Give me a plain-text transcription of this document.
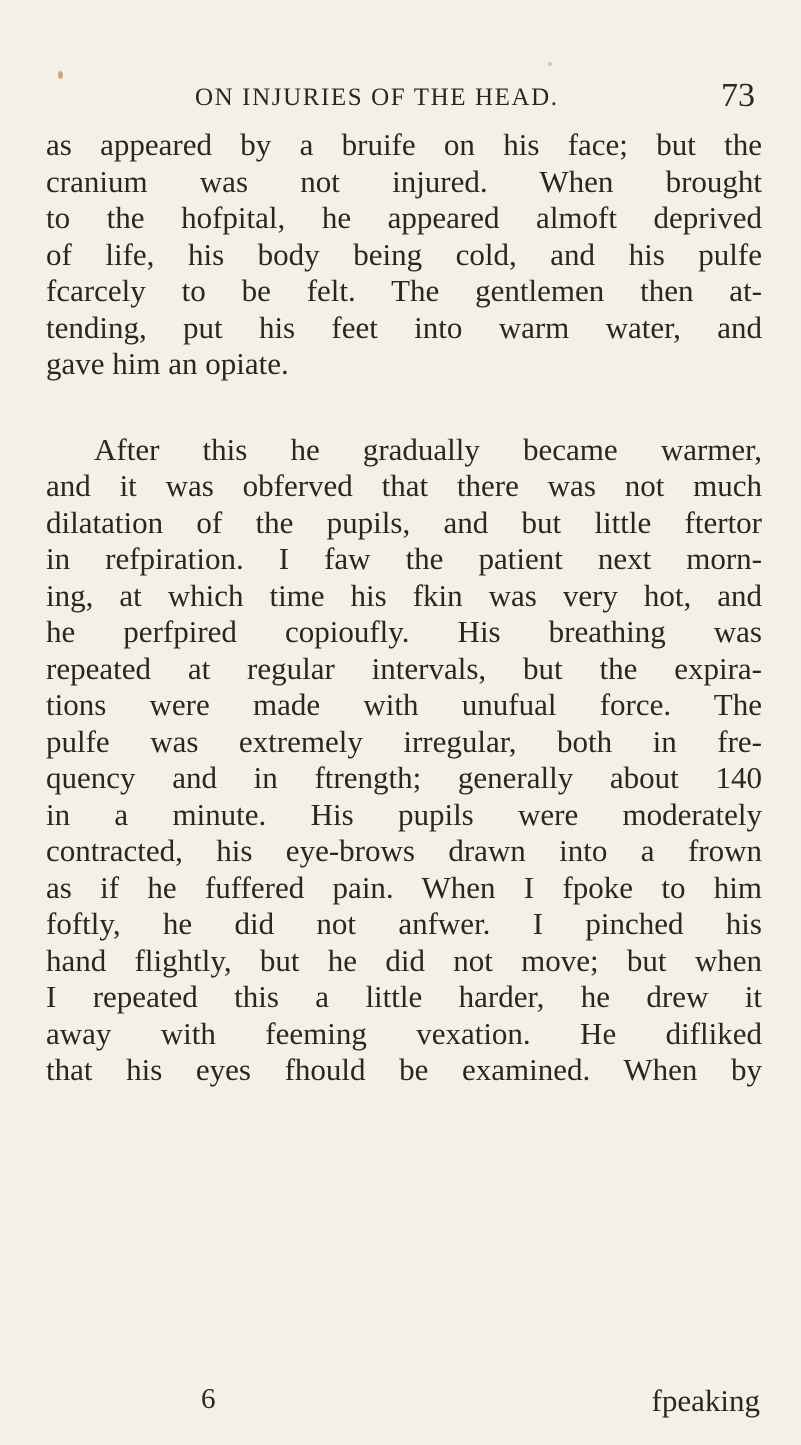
ON INJURIES OF THE HEAD.	73
as appeared by a bruife on his face; but the
cranium was not injured. When brought
to the hofpital, he appeared almoft deprived
of life, his body being cold, and his pulfe
fcarcely to be felt. The gentlemen then at-
tending, put his feet into warm water, and
gave him an opiate.
After this he gradually became warmer,
and it was obferved that there was not much
dilatation of the pupils, and but little ftertor
in refpiration. I faw the patient next morn-
ing, at which time his fkin was very hot, and
he perfpired copioufly. His breathing was
repeated at regular intervals, but the expira-
tions were made with unufual force. The
pulfe was extremely irregular, both in fre-
quency and in ftrength; generally about 140
in a minute. His pupils were moderately
contracted, his eye-brows drawn into a frown
as if he fuffered pain. When I fpoke to him
foftly, he did not anfwer. I pinched his
hand flightly, but he did not move; but when
I repeated this a little harder, he drew it
away with feeming vexation. He difliked
that his eyes fhould be examined. When by
6	fpeaking
